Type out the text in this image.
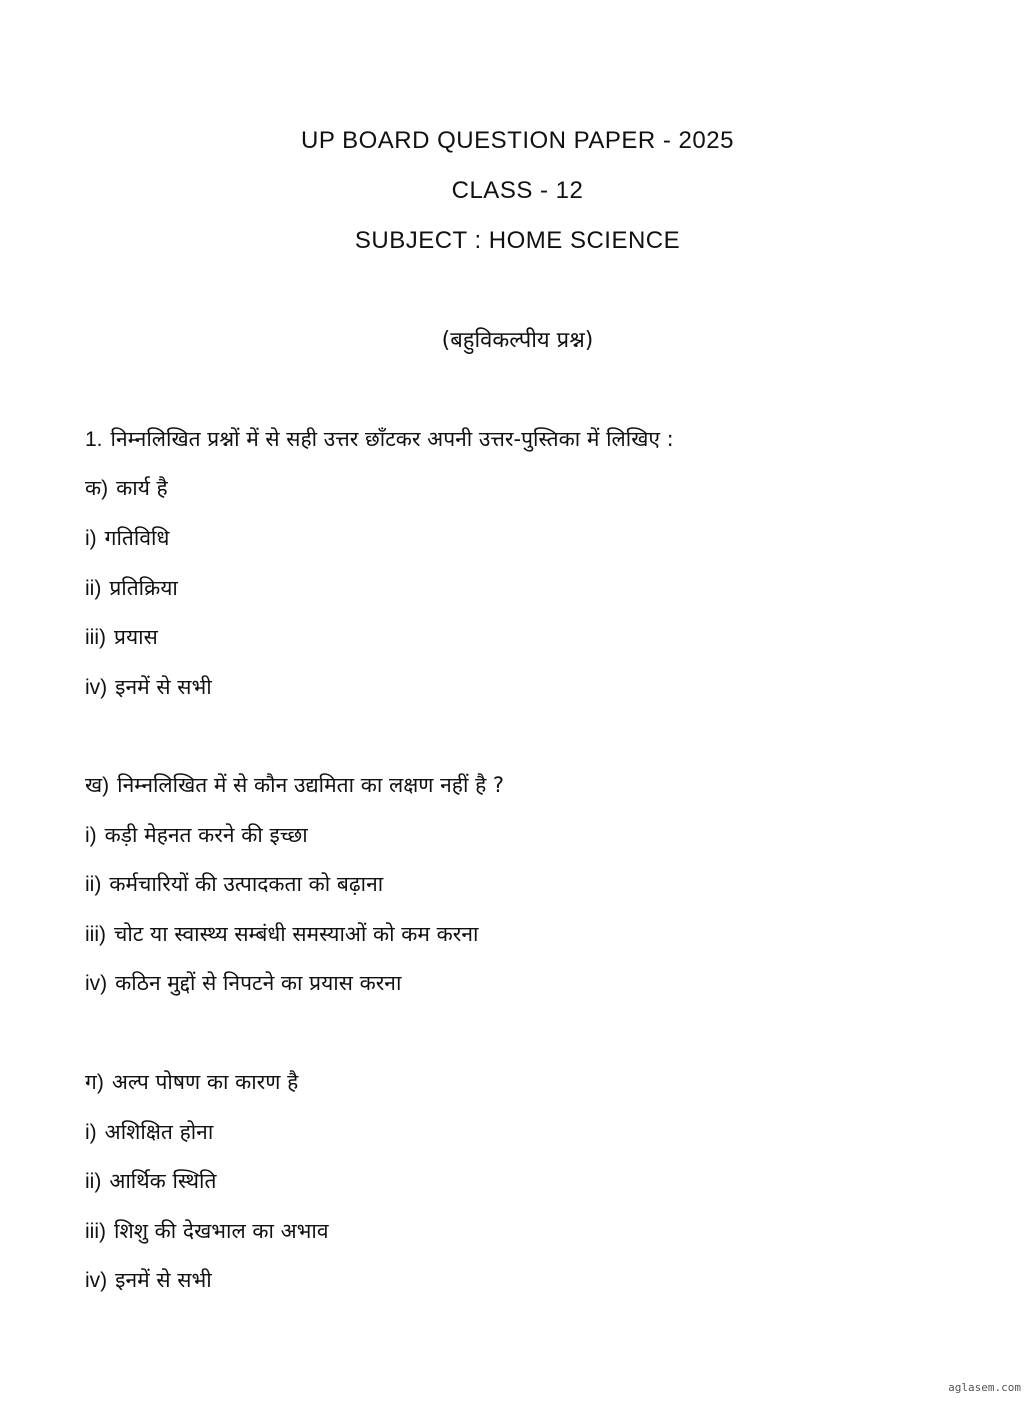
UP BOARD QUESTION PAPER - 2025
CLASS - 12
SUBJECT : HOME SCIENCE
(बहुविकल्पीय प्रश्न)
1. निम्नलिखित प्रश्नों में से सही उत्तर छाँटकर अपनी उत्तर-पुस्तिका में लिखिए :
क) कार्य है
i) गतिविधि
ii) प्रतिक्रिया
iii) प्रयास
iv) इनमें से सभी
ख) निम्नलिखित में से कौन उद्यमिता का लक्षण नहीं है ?
i) कड़ी मेहनत करने की इच्छा
ii) कर्मचारियों की उत्पादकता को बढ़ाना
iii) चोट या स्वास्थ्य सम्बंधी समस्याओं को कम करना
iv) कठिन मुद्दों से निपटने का प्रयास करना
ग) अल्प पोषण का कारण है
i) अशिक्षित होना
ii) आर्थिक स्थिति
iii) शिशु की देखभाल का अभाव
iv) इनमें से सभी
aglasem.com
